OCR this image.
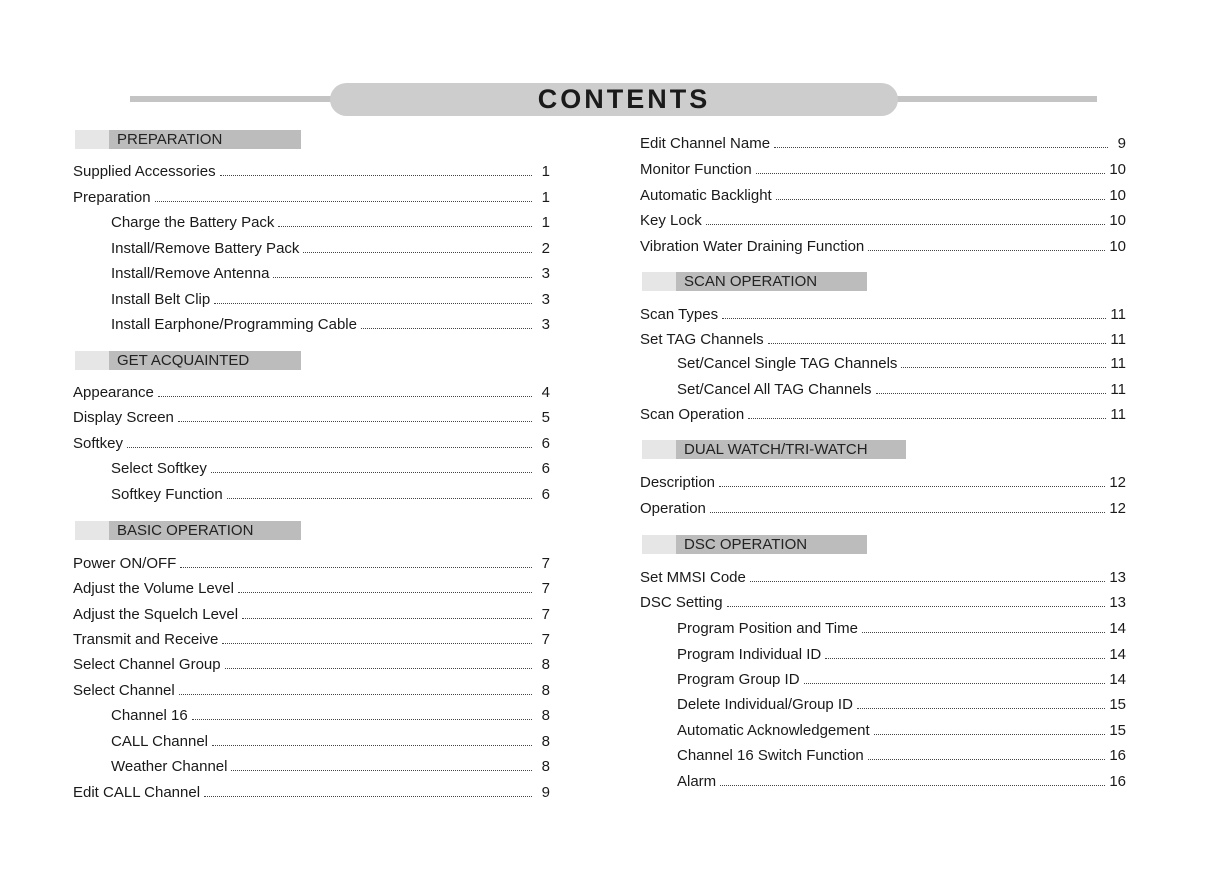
CONTENTS
PREPARATION
Supplied Accessories	1
Preparation	1
Charge the Battery Pack	1
Install/Remove Battery Pack	2
Install/Remove Antenna	3
Install Belt Clip	3
Install Earphone/Programming Cable	3
GET ACQUAINTED
Appearance	4
Display Screen	5
Softkey	6
Select Softkey	6
Softkey Function	6
BASIC OPERATION
Power ON/OFF	7
Adjust the Volume Level	7
Adjust the Squelch Level	7
Transmit and Receive	7
Select Channel Group	8
Select Channel	8
Channel 16	8
CALL Channel	8
Weather Channel	8
Edit CALL Channel	9
Edit Channel Name	9
Monitor Function	10
Automatic Backlight	10
Key Lock	10
Vibration Water Draining Function	10
SCAN OPERATION
Scan Types	11
Set TAG Channels	11
Set/Cancel Single TAG Channels	11
Set/Cancel All TAG Channels	11
Scan Operation	11
DUAL WATCH/TRI-WATCH
Description	12
Operation	12
DSC OPERATION
Set MMSI Code	13
DSC Setting	13
Program Position and Time	14
Program Individual ID	14
Program Group ID	14
Delete Individual/Group ID	15
Automatic Acknowledgement	15
Channel 16 Switch Function	16
Alarm	16
